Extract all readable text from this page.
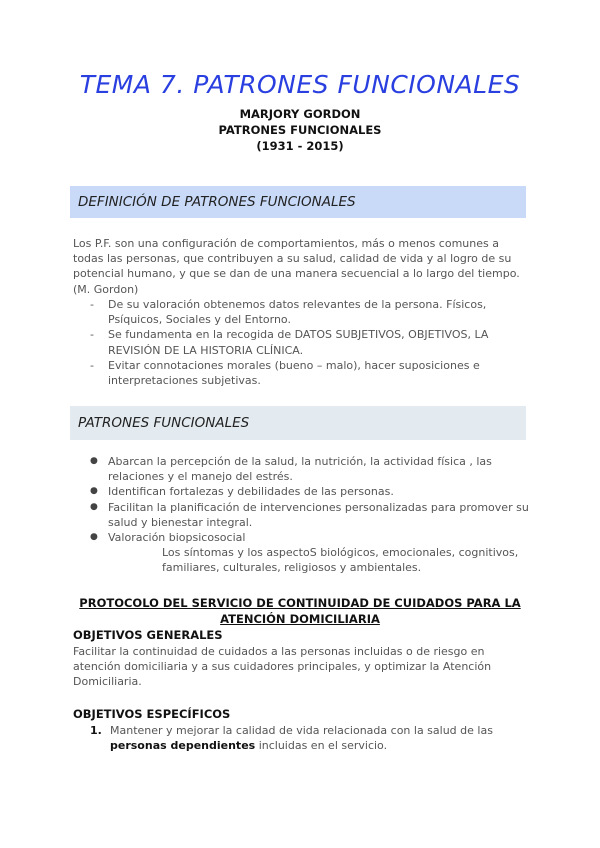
TEMA 7. PATRONES FUNCIONALES

MARJORY GORDON

PATRONES FUNCIONALES

(1931 - 2015)

DEFINICIÓN DE PATRONES FUNCIONALES

Los P.F. son una configuración de comportamientos, más o menos comunes a todas las personas, que contribuyen a su salud, calidad de vida y al logro de su potencial humano, y que se dan de una manera secuencial a lo largo del tiempo. (M. Gordon)

- De su valoración obtenemos datos relevantes de la persona. Físicos, Psíquicos, Sociales y del Entorno.
- Se fundamenta en la recogida de DATOS SUBJETIVOS, OBJETIVOS, LA REVISIÓN DE LA HISTORIA CLÍNICA.
- Evitar connotaciones morales (bueno – malo), hacer suposiciones e interpretaciones subjetivas.
PATRONES FUNCIONALES
● Abarcan la percepción de la salud, la nutrición, la actividad física , las relaciones y el manejo del estrés.
● Identifican fortalezas y debilidades de las personas.
● Facilitan la planificación de intervenciones personalizadas para promover su salud y bienestar integral.
● Valoración biopsicosocial

Los síntomas y los aspectoS biológicos, emocionales, cognitivos, familiares, culturales, religiosos y ambientales.

PROTOCOLO DEL SERVICIO DE CONTINUIDAD DE CUIDADOS PARA LA ATENCIÓN DOMICILIARIA

OBJETIVOS GENERALES

Facilitar la continuidad de cuidados a las personas incluidas o de riesgo en atención domiciliaria y a sus cuidadores principales, y optimizar la Atención Domiciliaria.

OBJETIVOS ESPECÍFICOS

1. Mantener y mejorar la calidad de vida relacionada con la salud de las personas dependientes incluidas en el servicio.
